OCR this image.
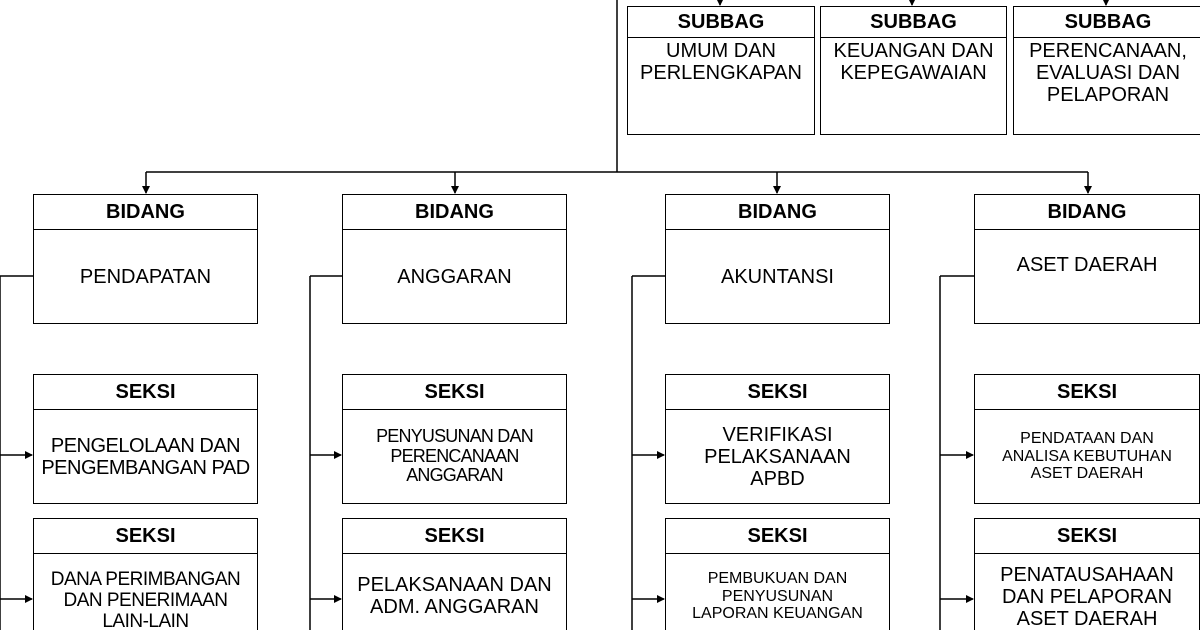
SUBBAG
UMUM DAN
PERLENGKAPAN
SUBBAG
KEUANGAN DAN
KEPEGAWAIAN
SUBBAG
PERENCANAAN,
EVALUASI DAN
PELAPORAN
BIDANG
PENDAPATAN
BIDANG
ANGGARAN
BIDANG
AKUNTANSI
BIDANG
ASET DAERAH
SEKSI
PENGELOLAAN DAN
PENGEMBANGAN PAD
SEKSI
PENYUSUNAN DAN
PERENCANAAN ANGGARAN
SEKSI
VERIFIKASI
PELAKSANAAN
APBD
SEKSI
PENDATAAN DAN
ANALISA KEBUTUHAN
ASET DAERAH
SEKSI
DANA PERIMBANGAN
DAN PENERIMAAN
LAIN-LAIN
SEKSI
PELAKSANAAN DAN
ADM. ANGGARAN
SEKSI
PEMBUKUAN DAN
PENYUSUNAN
LAPORAN KEUANGAN
SEKSI
PENATAUSAHAAN
DAN PELAPORAN
ASET DAERAH
